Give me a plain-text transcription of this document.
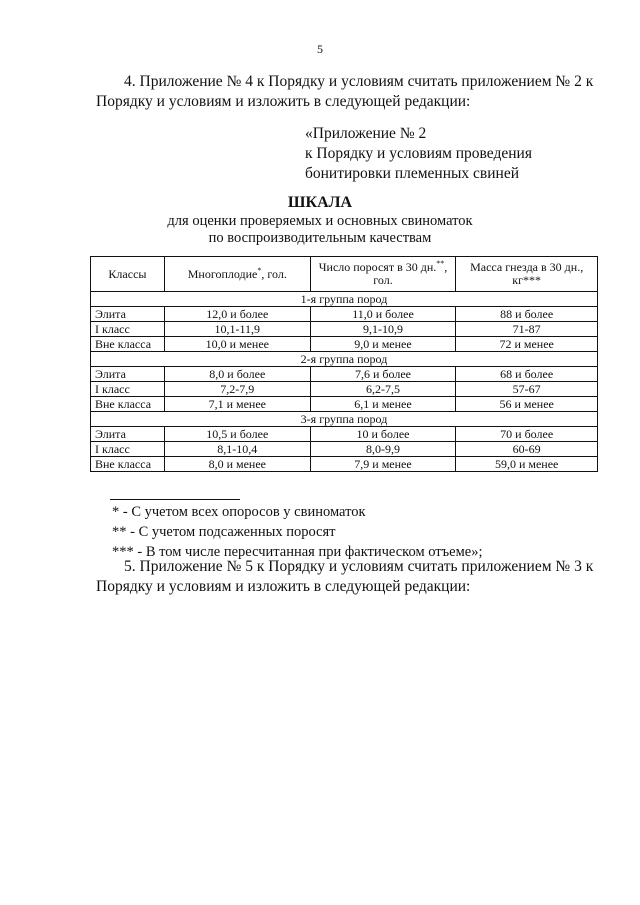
5

4. Приложение № 4 к Порядку и условиям считать приложением № 2 к

Порядку и условиям и изложить в следующей редакции:

«Приложение № 2
к Порядку и условиям проведения
бонитировки племенных свиней
ШКАЛА
для оценки проверяемых и основных свиноматок
по воспроизводительным качествам
Классы	Многоплодие*, гол.	Число поросят в 30 дн.**, гол.	Масса гнезда в 30 дн., кг***
1-я группа пород			
Элита	12,0 и более	11,0 и более	88 и более
I класс	10,1-11,9	9,1-10,9	71-87
Вне класса	10,0 и менее	9,0 и менее	72 и менее
2-я группа пород			
Элита	8,0 и более	7,6 и более	68 и более
I класс	7,2-7,9	6,2-7,5	57-67
Вне класса	7,1 и менее	6,1 и менее	56 и менее
3-я группа пород			
Элита	10,5 и более	10 и более	70 и более
I класс	8,1-10,4	8,0-9,9	60-69
Вне класса	8,0 и менее	7,9 и менее	59,0 и менее
* - С учетом всех опоросов у свиноматок
** - С учетом подсаженных поросят
*** - В том числе пересчитанная при фактическом отъеме»;

5. Приложение № 5 к Порядку и условиям считать приложением № 3 к

Порядку и условиям и изложить в следующей редакции:
